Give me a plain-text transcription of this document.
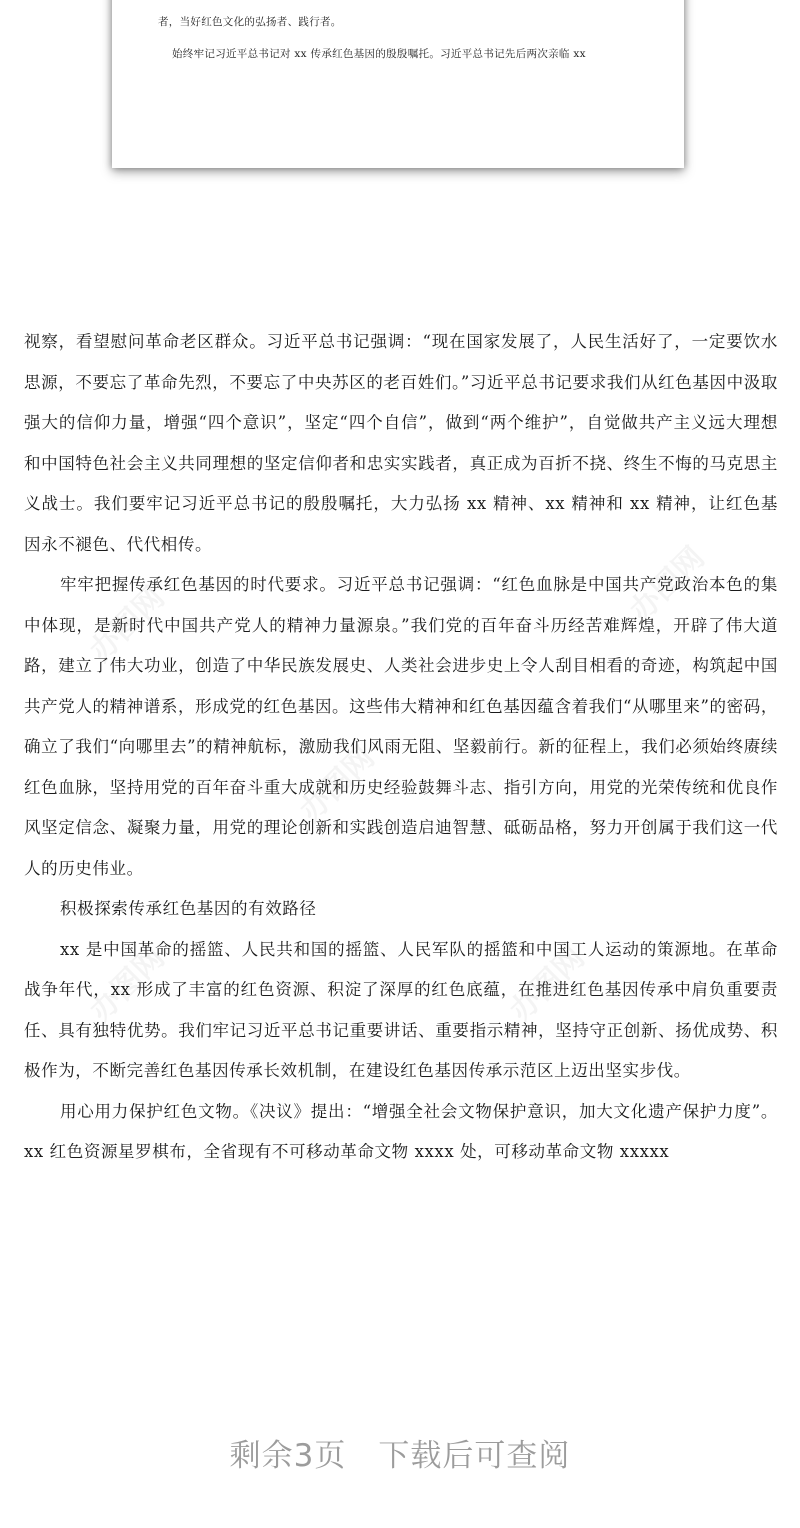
者，当好红色文化的弘扬者、践行者。
始终牢记习近平总书记对 xx 传承红色基因的殷殷嘱托。习近平总书记先后两次亲临 xx
办图网
办图网
办图网
办图网
办图网

视察，看望慰问革命老区群众。习近平总书记强调：“现在国家发展了，人民生活好了，一定要饮水思源，不要忘了革命先烈，不要忘了中央苏区的老百姓们。”习近平总书记要求我们从红色基因中汲取强大的信仰力量，增强“四个意识”，坚定“四个自信”，做到“两个维护”，自觉做共产主义远大理想和中国特色社会主义共同理想的坚定信仰者和忠实实践者，真正成为百折不挠、终生不悔的马克思主义战士。我们要牢记习近平总书记的殷殷嘱托，大力弘扬 xx 精神、xx 精神和 xx 精神，让红色基因永不褪色、代代相传。

牢牢把握传承红色基因的时代要求。习近平总书记强调：“红色血脉是中国共产党政治本色的集中体现，是新时代中国共产党人的精神力量源泉。”我们党的百年奋斗历经苦难辉煌，开辟了伟大道路，建立了伟大功业，创造了中华民族发展史、人类社会进步史上令人刮目相看的奇迹，构筑起中国共产党人的精神谱系，形成党的红色基因。这些伟大精神和红色基因蕴含着我们“从哪里来”的密码，确立了我们“向哪里去”的精神航标，激励我们风雨无阻、坚毅前行。新的征程上，我们必须始终赓续红色血脉，坚持用党的百年奋斗重大成就和历史经验鼓舞斗志、指引方向，用党的光荣传统和优良作风坚定信念、凝聚力量，用党的理论创新和实践创造启迪智慧、砥砺品格，努力开创属于我们这一代人的历史伟业。

积极探索传承红色基因的有效路径

xx 是中国革命的摇篮、人民共和国的摇篮、人民军队的摇篮和中国工人运动的策源地。在革命战争年代，xx 形成了丰富的红色资源、积淀了深厚的红色底蕴，在推进红色基因传承中肩负重要责任、具有独特优势。我们牢记习近平总书记重要讲话、重要指示精神，坚持守正创新、扬优成势、积极作为，不断完善红色基因传承长效机制，在建设红色基因传承示范区上迈出坚实步伐。

用心用力保护红色文物。《决议》提出：“增强全社会文物保护意识，加大文化遗产保护力度”。xx 红色资源星罗棋布，全省现有不可移动革命文物 xxxx 处，可移动革命文物 xxxxx

剩余3页 下载后可查阅
